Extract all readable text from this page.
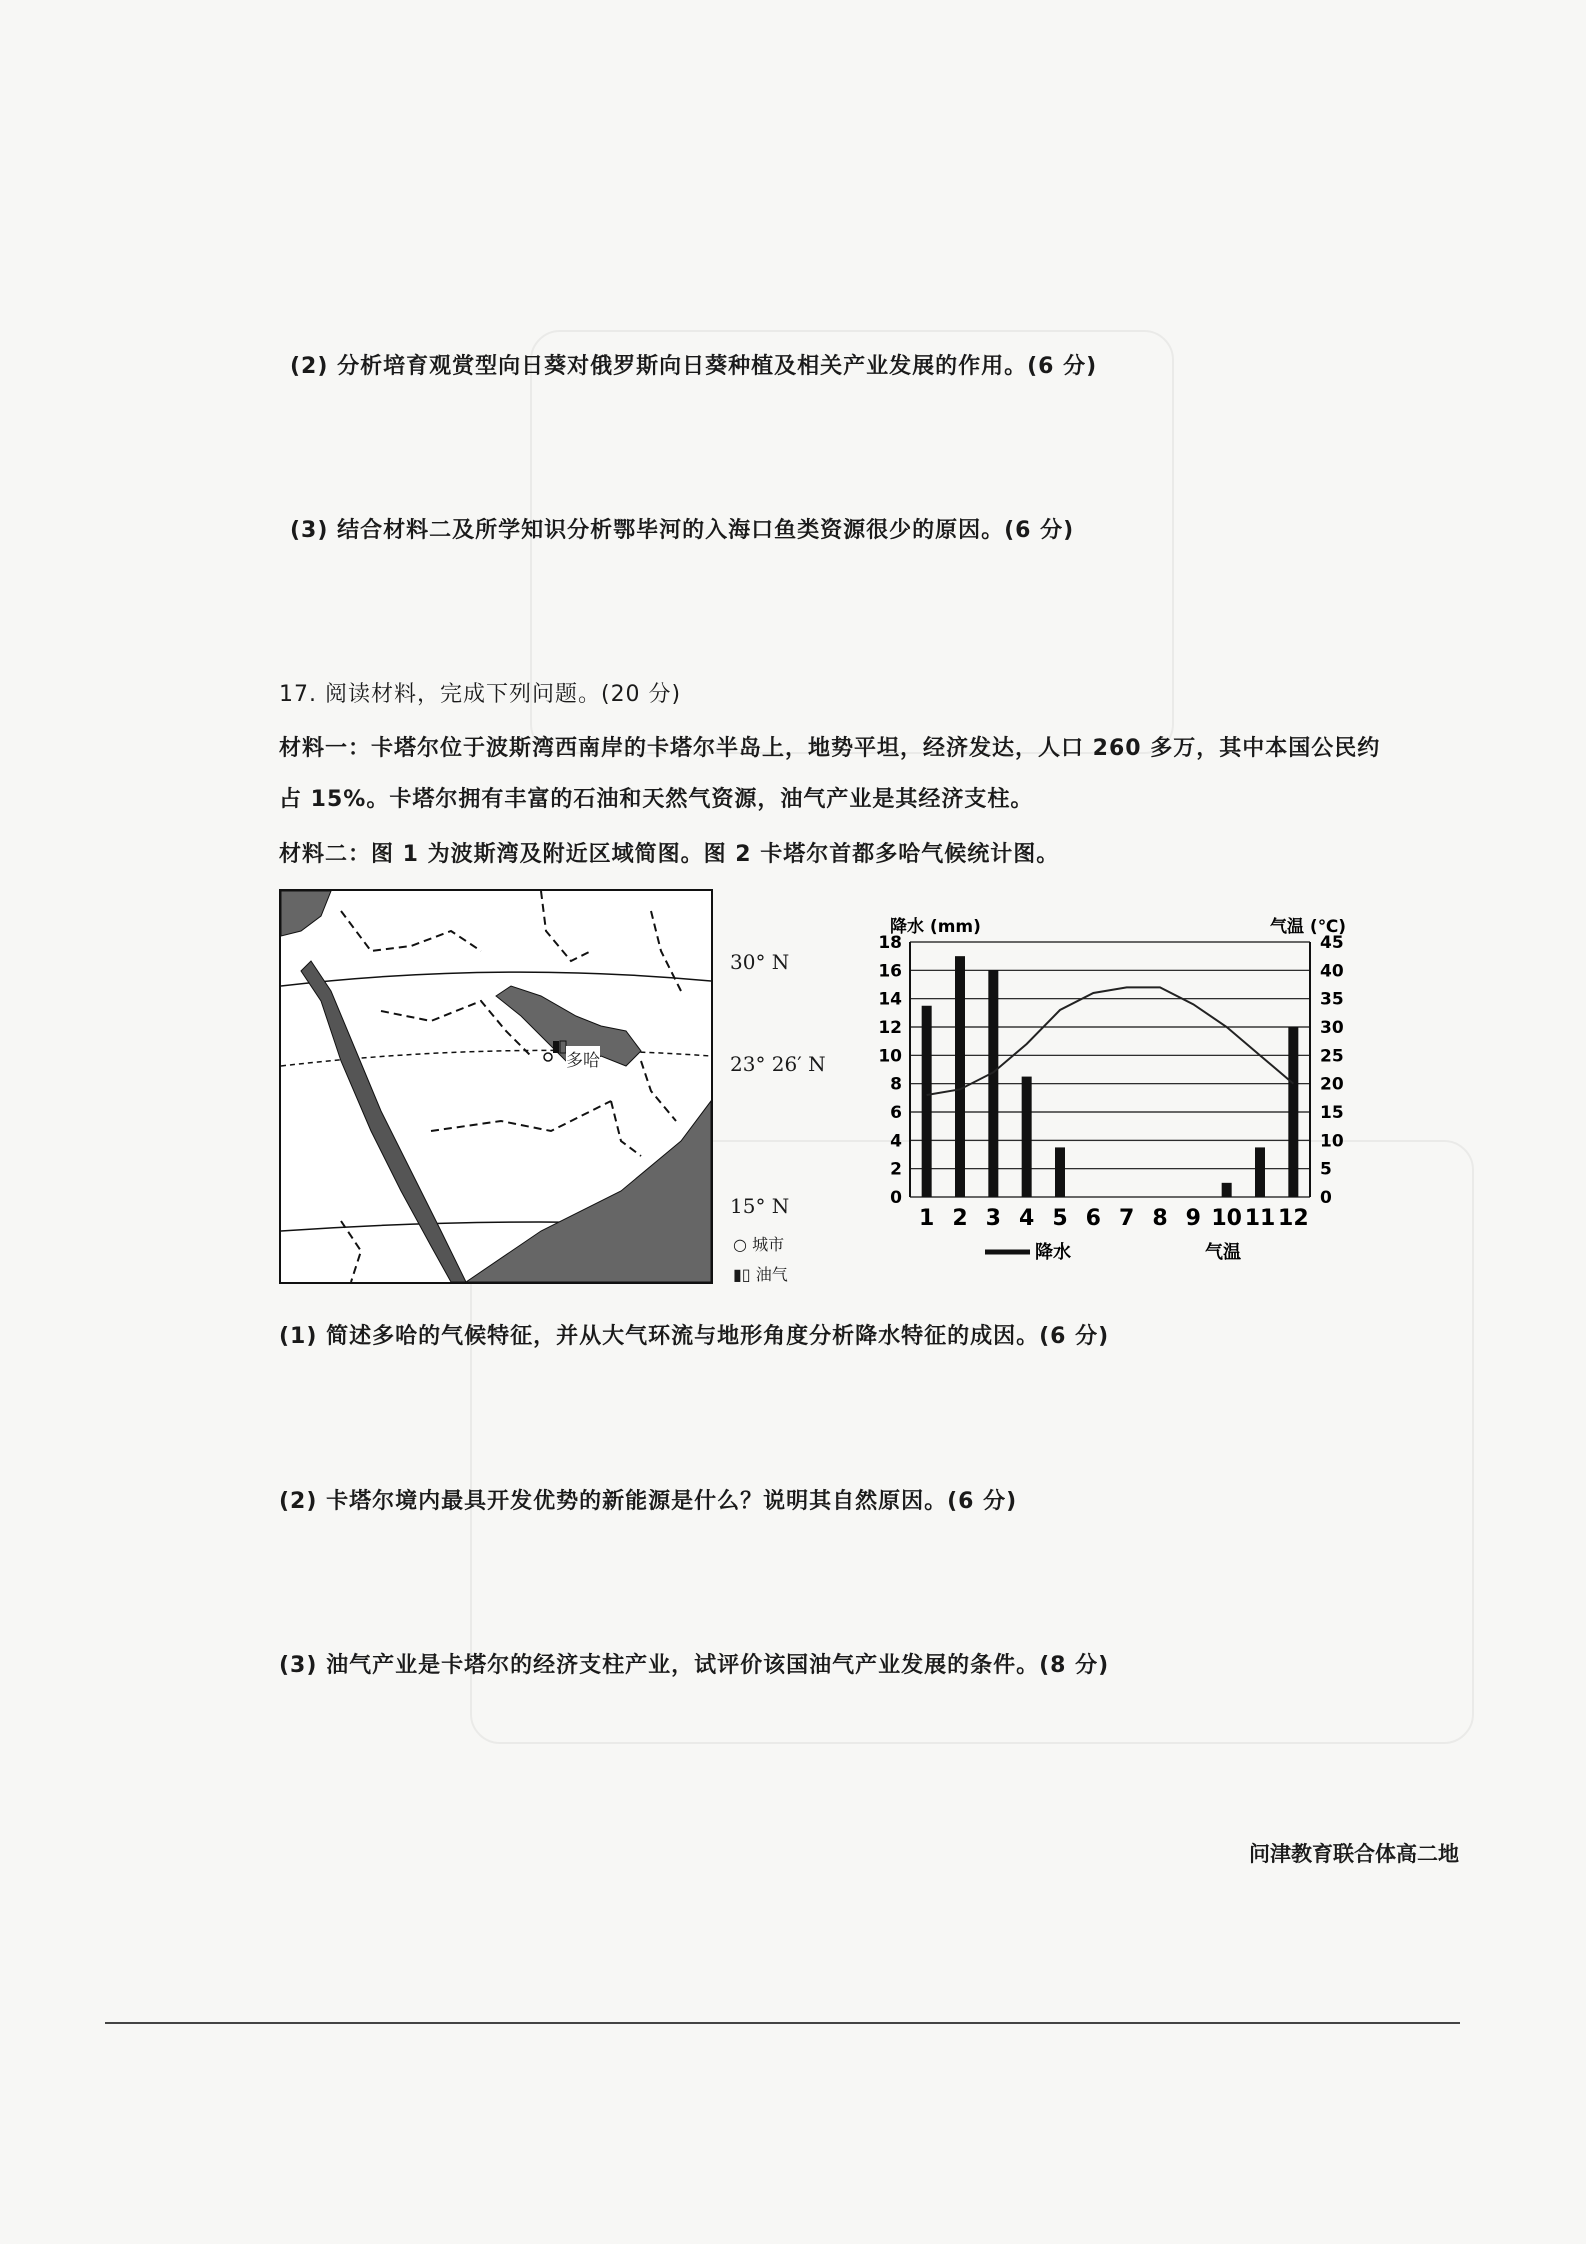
(2) 分析培育观赏型向日葵对俄罗斯向日葵种植及相关产业发展的作用。(6 分)
(3) 结合材料二及所学知识分析鄂毕河的入海口鱼类资源很少的原因。(6 分)
17. 阅读材料，完成下列问题。(20 分)
材料一：卡塔尔位于波斯湾西南岸的卡塔尔半岛上，地势平坦，经济发达，人口 260 多万，其中本国公民约
占 15%。卡塔尔拥有丰富的石油和天然气资源，油气产业是其经济支柱。
材料二：图 1 为波斯湾及附近区域简图。图 2 卡塔尔首都多哈气候统计图。
多哈
30° N
23° 26′ N
15° N
○ 城市
▮▯ 油气
0
2
4
6
8
10
12
14
16
18
0
5
10
15
20
25
30
35
40
45
降水 (mm)	气温 (℃)
1 2 3 4 5 6 7 8 9 10 11 12
降水	气温
(1) 简述多哈的气候特征，并从大气环流与地形角度分析降水特征的成因。(6 分)
(2) 卡塔尔境内最具开发优势的新能源是什么？说明其自然原因。(6 分)
(3) 油气产业是卡塔尔的经济支柱产业，试评价该国油气产业发展的条件。(8 分)
问津教育联合体高二地
